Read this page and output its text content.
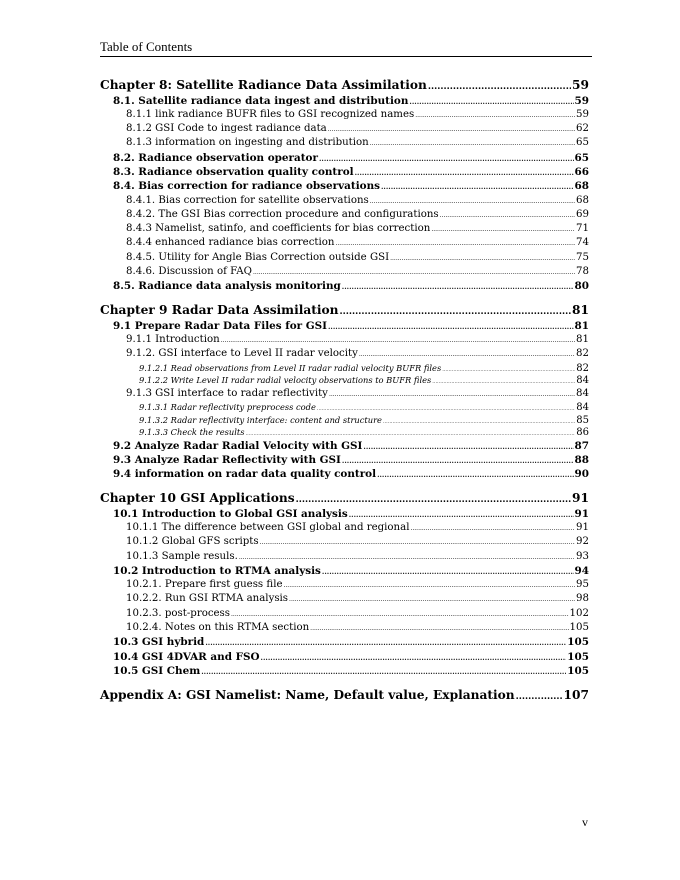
Table of Contents
Chapter 8: Satellite Radiance Data Assimilation .....	59
8.1. Satellite radiance data ingest and distribution .....	59
8.1.1 link radiance BUFR files to GSI recognized names .....	59
8.1.2 GSI Code to ingest radiance data .....	62
8.1.3 information on ingesting and distribution .....	65
8.2. Radiance observation operator .....	65
8.3. Radiance observation quality control .....	66
8.4. Bias correction for radiance observations .....	68
8.4.1. Bias correction for satellite observations .....	68
8.4.2. The GSI Bias correction procedure and configurations .....	69
8.4.3 Namelist, satinfo, and coefficients for bias correction .....	71
8.4.4 enhanced radiance bias correction .....	74
8.4.5. Utility for Angle Bias Correction outside GSI .....	75
8.4.6. Discussion of FAQ .....	78
8.5. Radiance data analysis monitoring .....	80
Chapter 9 Radar Data Assimilation .....	81
9.1 Prepare Radar Data Files for GSI .....	81
9.1.1 Introduction .....	81
9.1.2. GSI interface to Level II radar velocity .....	82
9.1.2.1 Read observations from Level II radar radial velocity BUFR files .....	82
9.1.2.2 Write Level II radar radial velocity observations to BUFR files .....	84
9.1.3 GSI interface to radar reflectivity .....	84
9.1.3.1 Radar reflectivity preprocess code .....	84
9.1.3.2 Radar reflectivity interface: content and structure .....	85
9.1.3.3 Check the results .....	86
9.2 Analyze Radar Radial Velocity with GSI .....	87
9.3 Analyze Radar Reflectivity with GSI .....	88
9.4 information on radar data quality control .....	90
Chapter 10 GSI Applications .....	91
10.1 Introduction to Global GSI analysis .....	91
10.1.1 The difference between GSI global and regional .....	91
10.1.2 Global GFS scripts .....	92
10.1.3 Sample resuls. .....	93
10.2 Introduction to RTMA analysis .....	94
10.2.1. Prepare first guess file .....	95
10.2.2. Run GSI RTMA analysis .....	98
10.2.3. post-process .....	102
10.2.4. Notes on this RTMA section .....	105
10.3 GSI hybrid .....	105
10.4 GSI 4DVAR and FSO .....	105
10.5 GSI Chem .....	105
Appendix A: GSI Namelist: Name, Default value, Explanation .....	107
v
